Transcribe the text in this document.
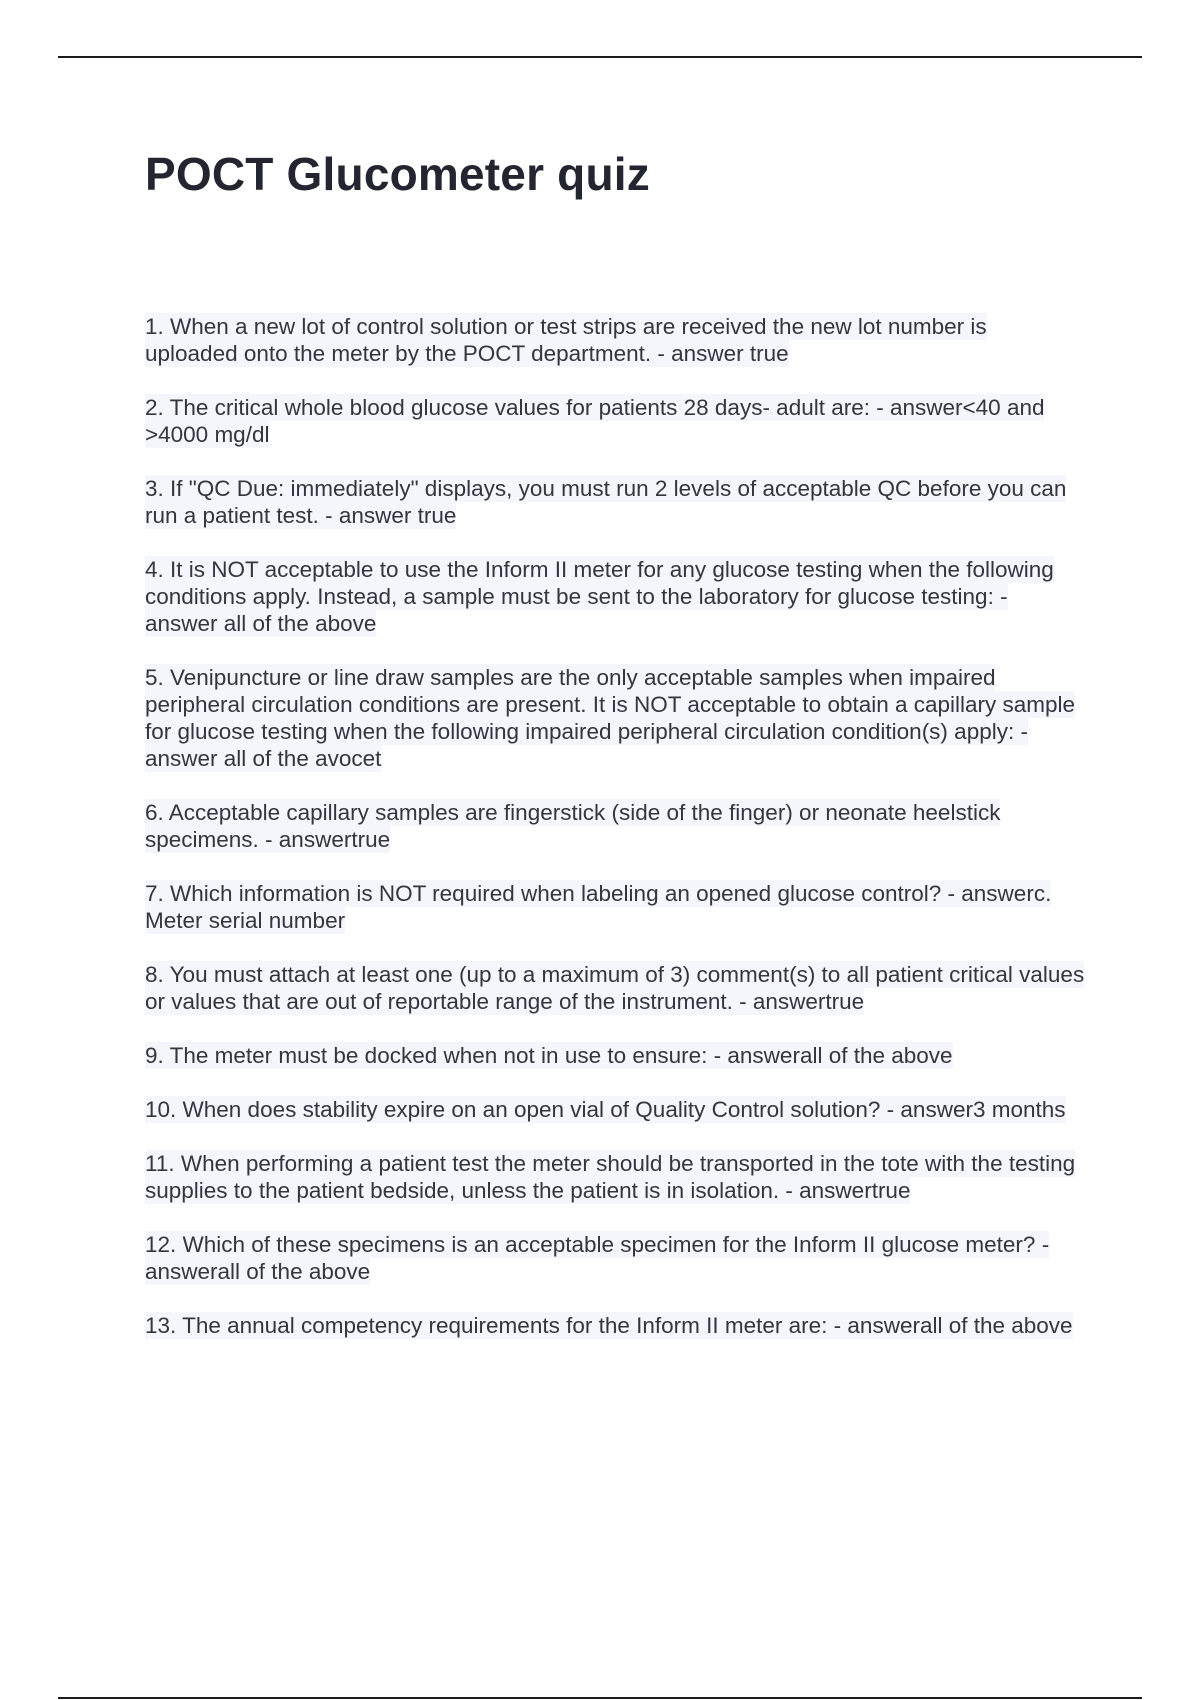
POCT Glucometer quiz

1. When a new lot of control solution or test strips are received the new lot number is uploaded onto the meter by the POCT department. - answer true

2. The critical whole blood glucose values for patients 28 days- adult are: - answer<40 and >4000 mg/dl

3. If "QC Due: immediately" displays, you must run 2 levels of acceptable QC before you can run a patient test. - answer true

4. It is NOT acceptable to use the Inform II meter for any glucose testing when the following conditions apply. Instead, a sample must be sent to the laboratory for glucose testing: - answer all of the above

5. Venipuncture or line draw samples are the only acceptable samples when impaired peripheral circulation conditions are present. It is NOT acceptable to obtain a capillary sample for glucose testing when the following impaired peripheral circulation condition(s) apply: - answer all of the avocet

6. Acceptable capillary samples are fingerstick (side of the finger) or neonate heelstick specimens. - answertrue

7. Which information is NOT required when labeling an opened glucose control? - answerc. Meter serial number

8. You must attach at least one (up to a maximum of 3) comment(s) to all patient critical values or values that are out of reportable range of the instrument. - answertrue

9. The meter must be docked when not in use to ensure: - answerall of the above

10. When does stability expire on an open vial of Quality Control solution? - answer3 months

11. When performing a patient test the meter should be transported in the tote with the testing supplies to the patient bedside, unless the patient is in isolation. - answertrue

12. Which of these specimens is an acceptable specimen for the Inform II glucose meter? - answerall of the above

13. The annual competency requirements for the Inform II meter are: - answerall of the above
